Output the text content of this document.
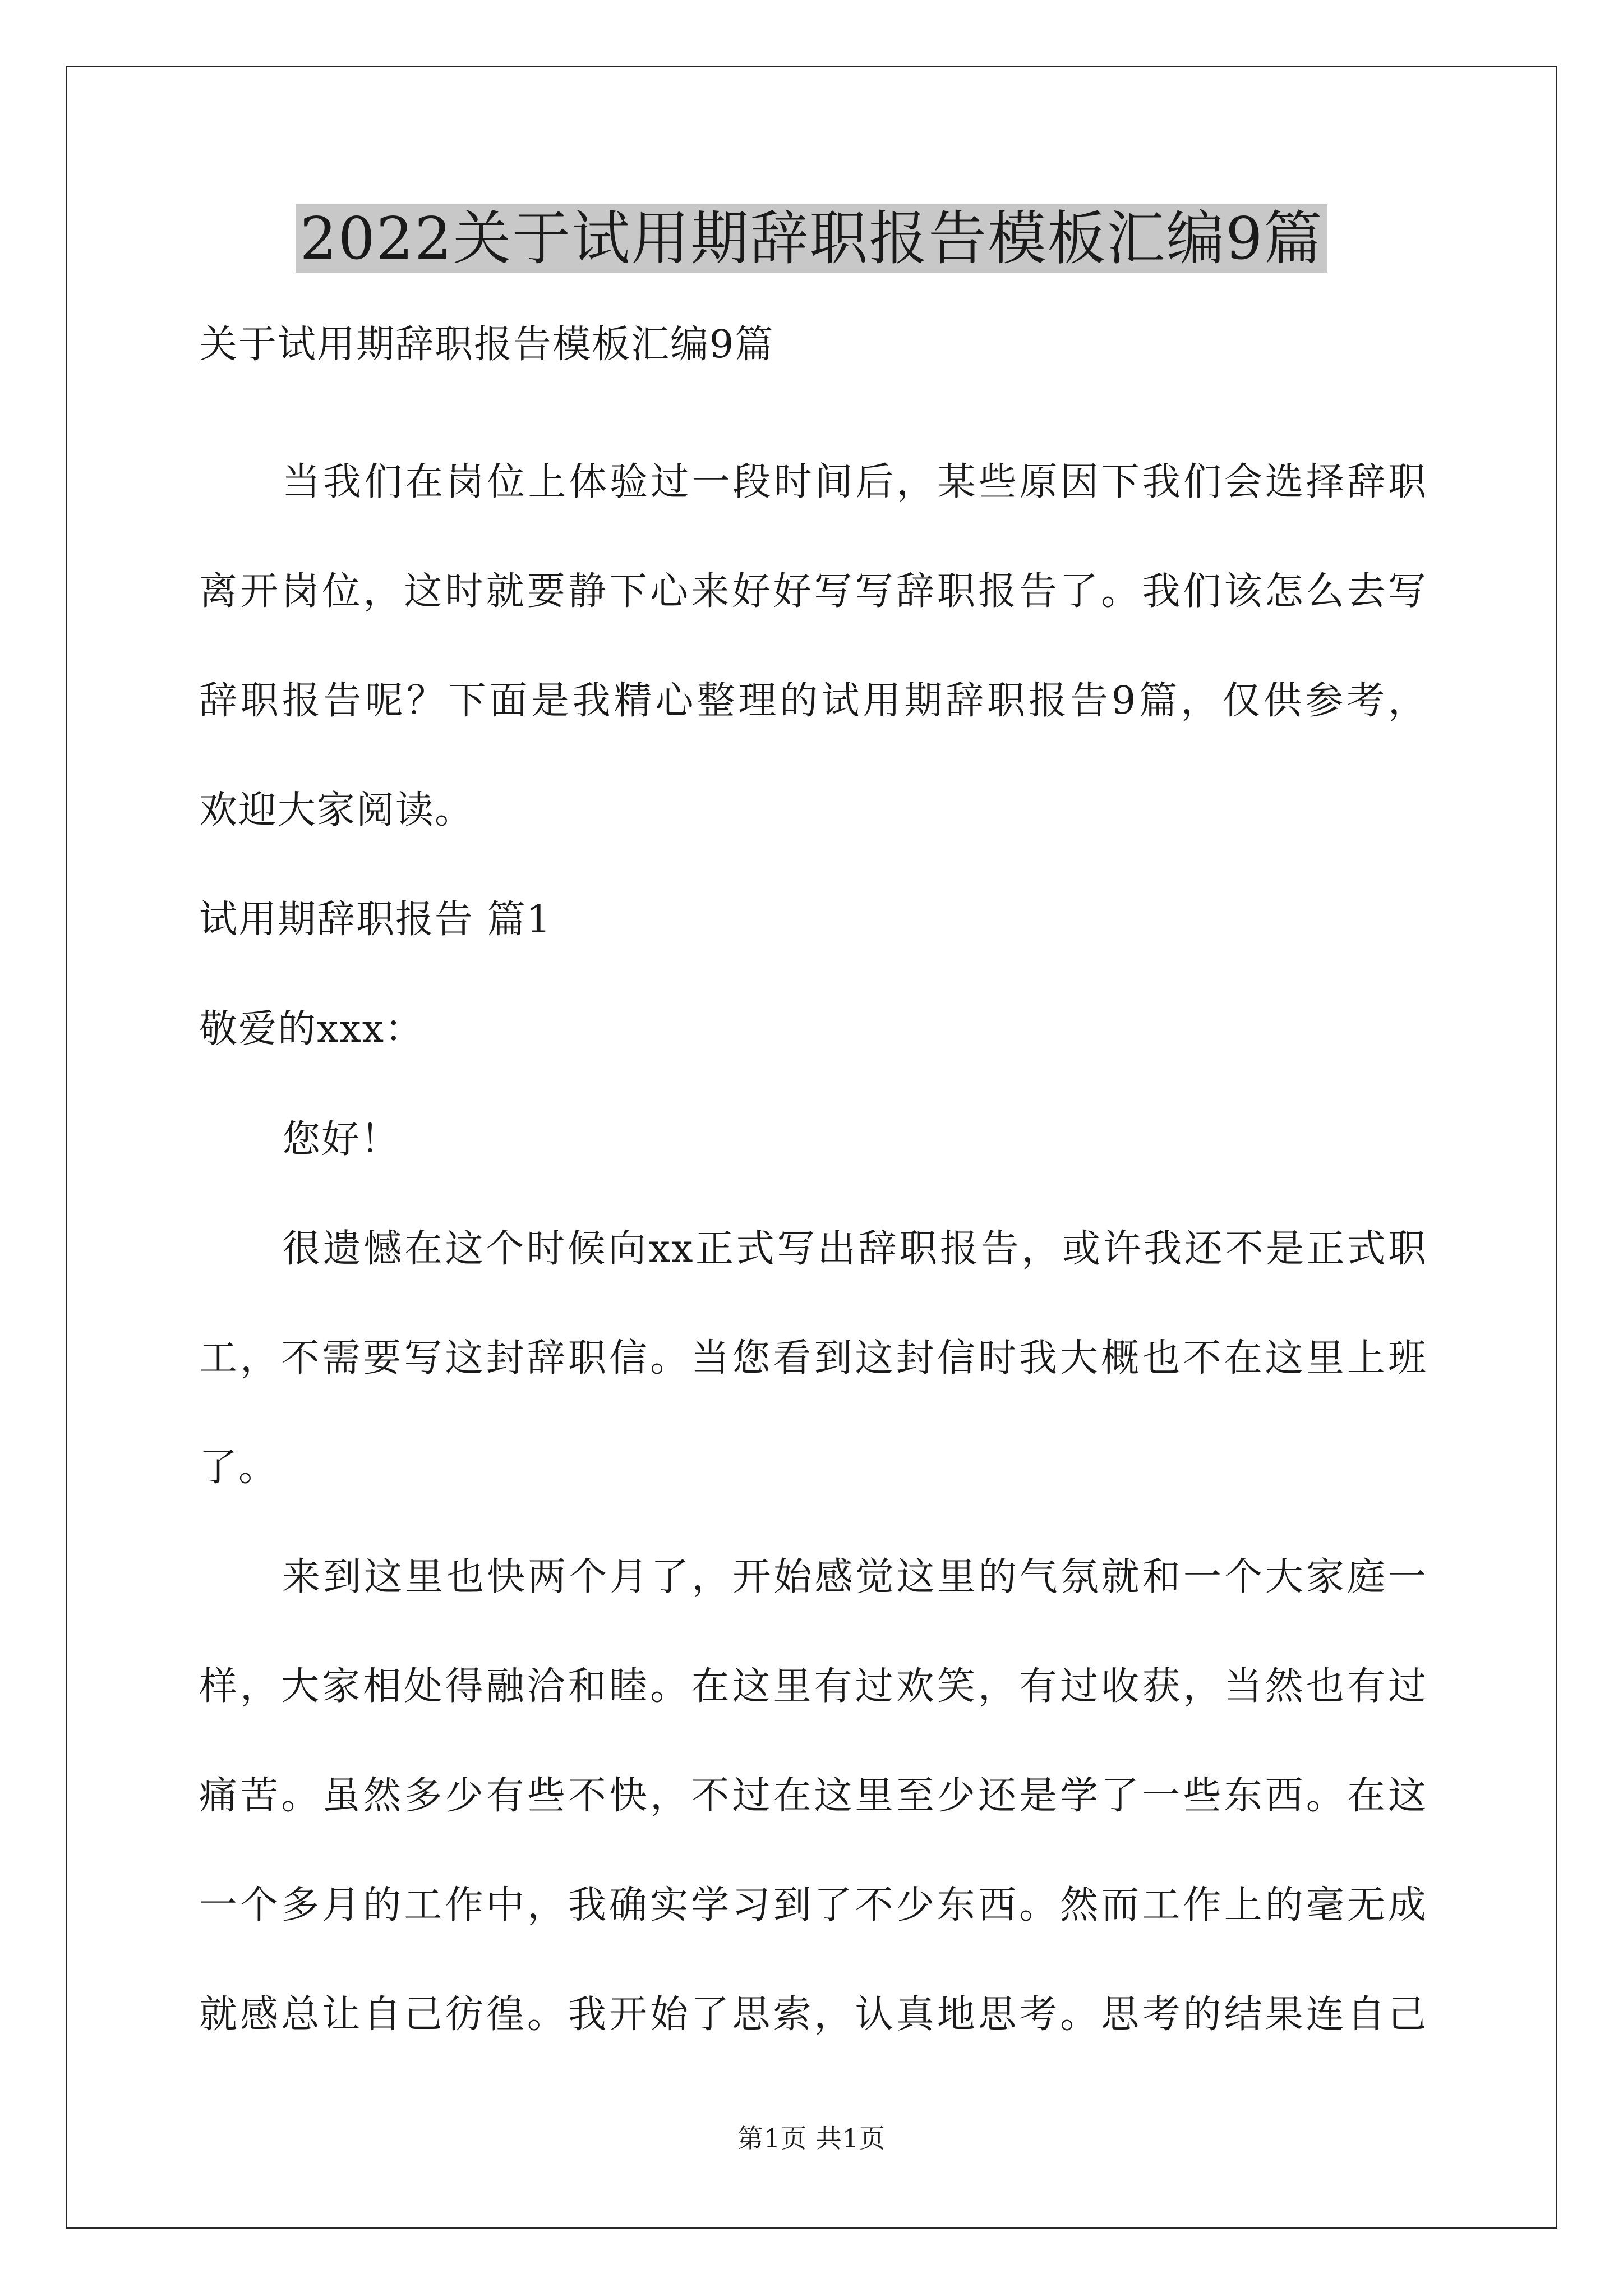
2022关于试用期辞职报告模板汇编9篇
关于试用期辞职报告模板汇编9篇
当我们在岗位上体验过一段时间后，某些原因下我们会选择辞职
离开岗位，这时就要静下心来好好写写辞职报告了。我们该怎么去写
辞职报告呢？下面是我精心整理的试用期辞职报告9篇，仅供参考，
欢迎大家阅读。
试用期辞职报告 篇1
敬爱的xxx：
您好！
很遗憾在这个时候向xx正式写出辞职报告，或许我还不是正式职
工，不需要写这封辞职信。当您看到这封信时我大概也不在这里上班
了。
来到这里也快两个月了，开始感觉这里的气氛就和一个大家庭一
样，大家相处得融洽和睦。在这里有过欢笑，有过收获，当然也有过
痛苦。虽然多少有些不快，不过在这里至少还是学了一些东西。在这
一个多月的工作中，我确实学习到了不少东西。然而工作上的毫无成
就感总让自己彷徨。我开始了思索，认真地思考。思考的结果连自己
第1页 共1页
